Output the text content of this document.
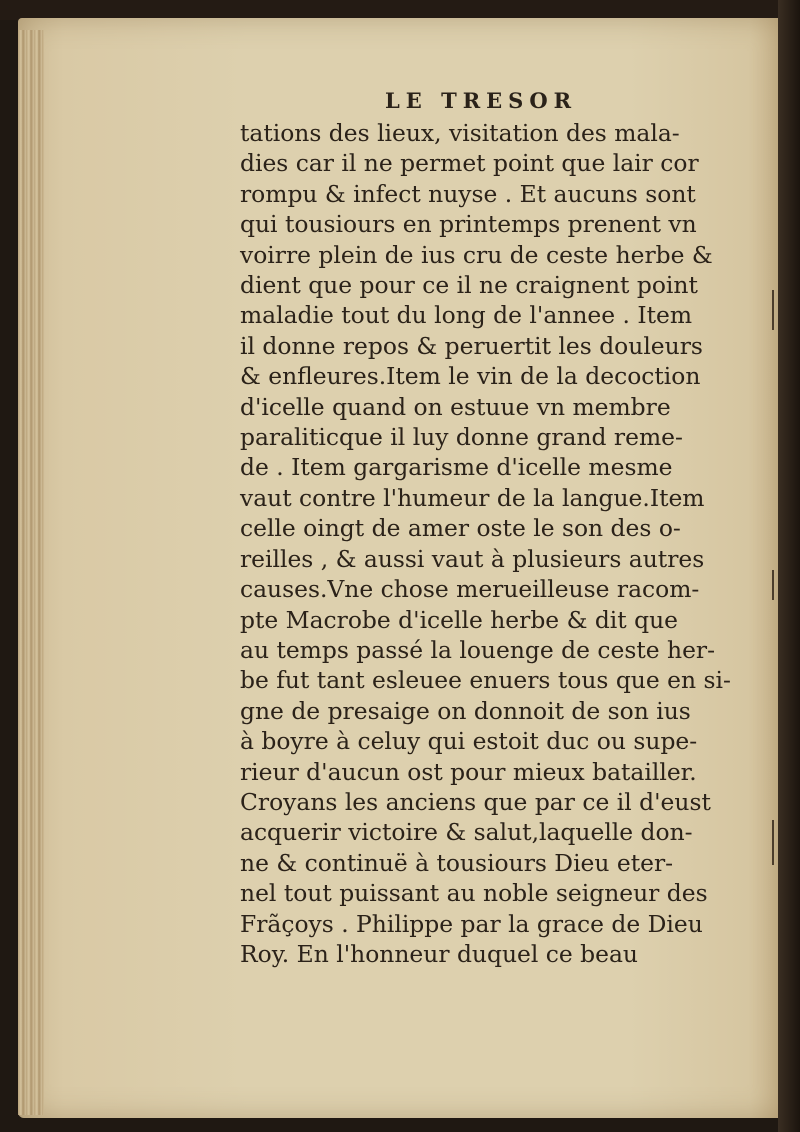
LE TRESOR
tations des lieux, visitation des mala-
dies car il ne permet point que lair cor
rompu & infect nuyse . Et aucuns sont
qui tousiours en printemps prenent vn
voirre plein de ius cru de ceste herbe &
dient que pour ce il ne craignent point
maladie tout du long de l'annee . Item
il donne repos & peruertit les douleurs
& enfleures.Item le vin de la decoction
d'icelle quand on estuue vn membre
paraliticque il luy donne grand reme-
de . Item gargarisme d'icelle mesme
vaut contre l'humeur de la langue.Item
celle oingt de amer oste le son des o-
reilles , & aussi vaut à plusieurs autres
causes.Vne chose merueilleuse racom-
pte Macrobe d'icelle herbe & dit que
au temps passé la louenge de ceste her-
be fut tant esleuee enuers tous que en si-
gne de presaige on donnoit de son ius
à boyre à celuy qui estoit duc ou supe-
rieur d'aucun ost pour mieux batailler.
Croyans les anciens que par ce il d'eust
acquerir victoire & salut,laquelle don-
ne & continuë à tousiours Dieu eter-
nel tout puissant au noble seigneur des
Frãçoys . Philippe par la grace de Dieu
Roy. En l'honneur duquel ce beau
